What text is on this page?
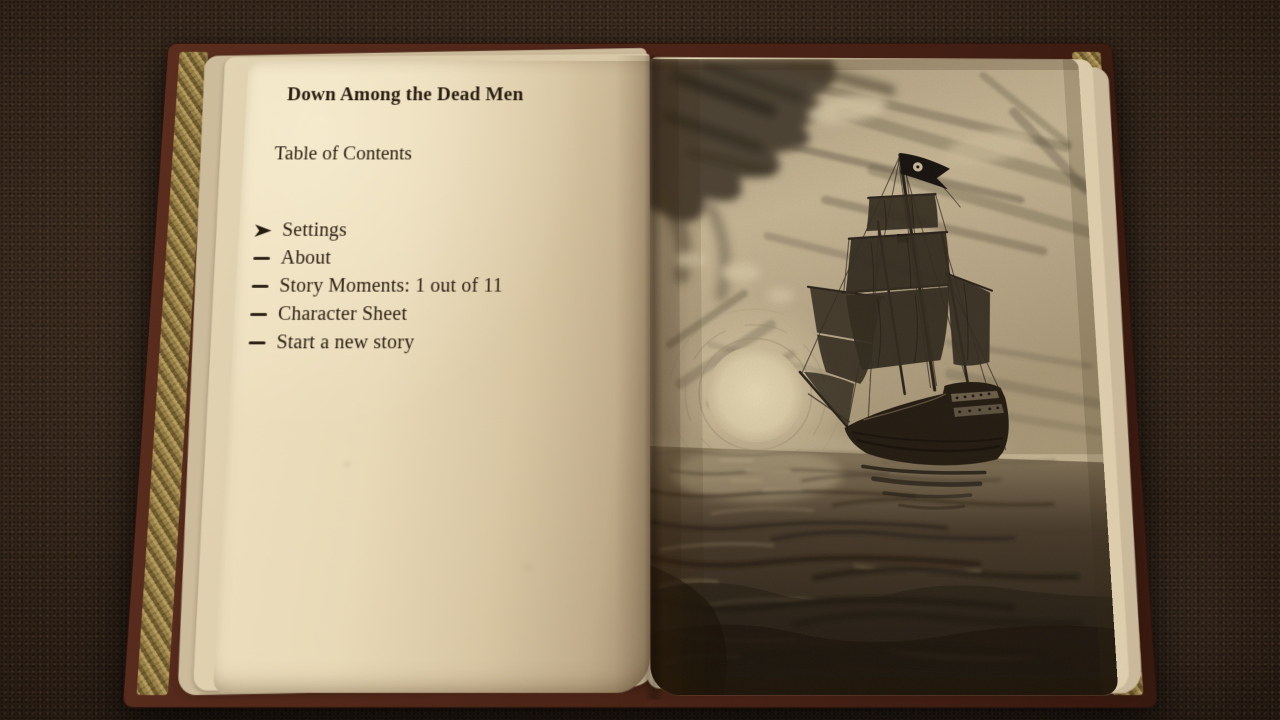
Down Among the Dead Men
Table of Contents
Settings
About
Story Moments: 1 out of 11
Character Sheet
Start a new story
